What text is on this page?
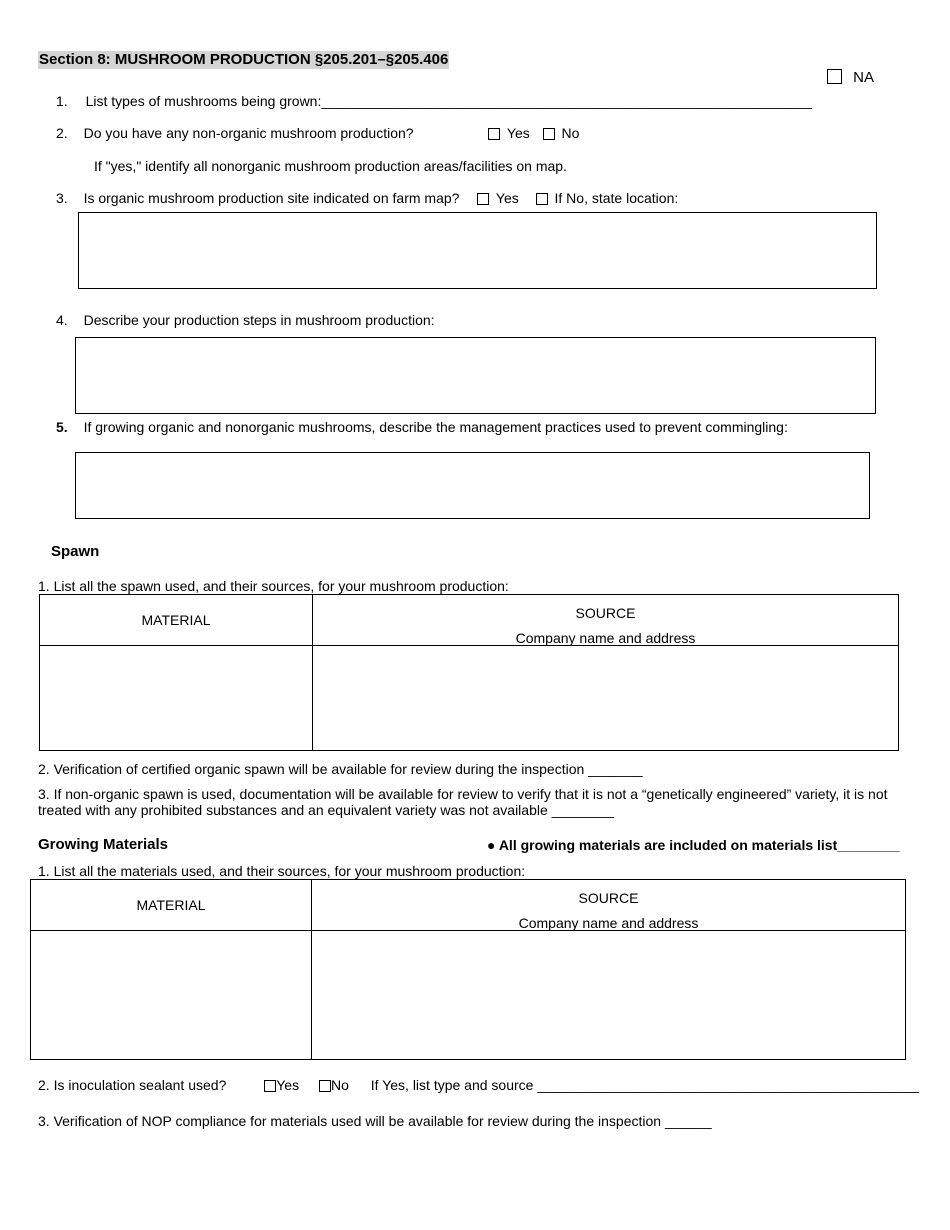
Section 8: MUSHROOM PRODUCTION §205.201–§205.406
NA
1. List types of mushrooms being grown:_______________________________________________________________
2. Do you have any non-organic mushroom production?	Yes No
If "yes," identify all nonorganic mushroom production areas/facilities on map.
3. Is organic mushroom production site indicated on farm map?	Yes	If No, state location:
4. Describe your production steps in mushroom production:
5. If growing organic and nonorganic mushrooms, describe the management practices used to prevent commingling:
Spawn
1. List all the spawn used, and their sources, for your mushroom production:
MATERIAL	SOURCE
Company name and address

2. Verification of certified organic spawn will be available for review during the inspection _______
3. If non-organic spawn is used, documentation will be available for review to verify that it is not a “genetically engineered” variety, it is not treated with any prohibited substances and an equivalent variety was not available ________
Growing Materials	● All growing materials are included on materials list________
1. List all the materials used, and their sources, for your mushroom production:
MATERIAL	SOURCE
Company name and address

2. Is inoculation sealant used?	Yes No If Yes, list type and source _________________________________________________
3. Verification of NOP compliance for materials used will be available for review during the inspection ______
